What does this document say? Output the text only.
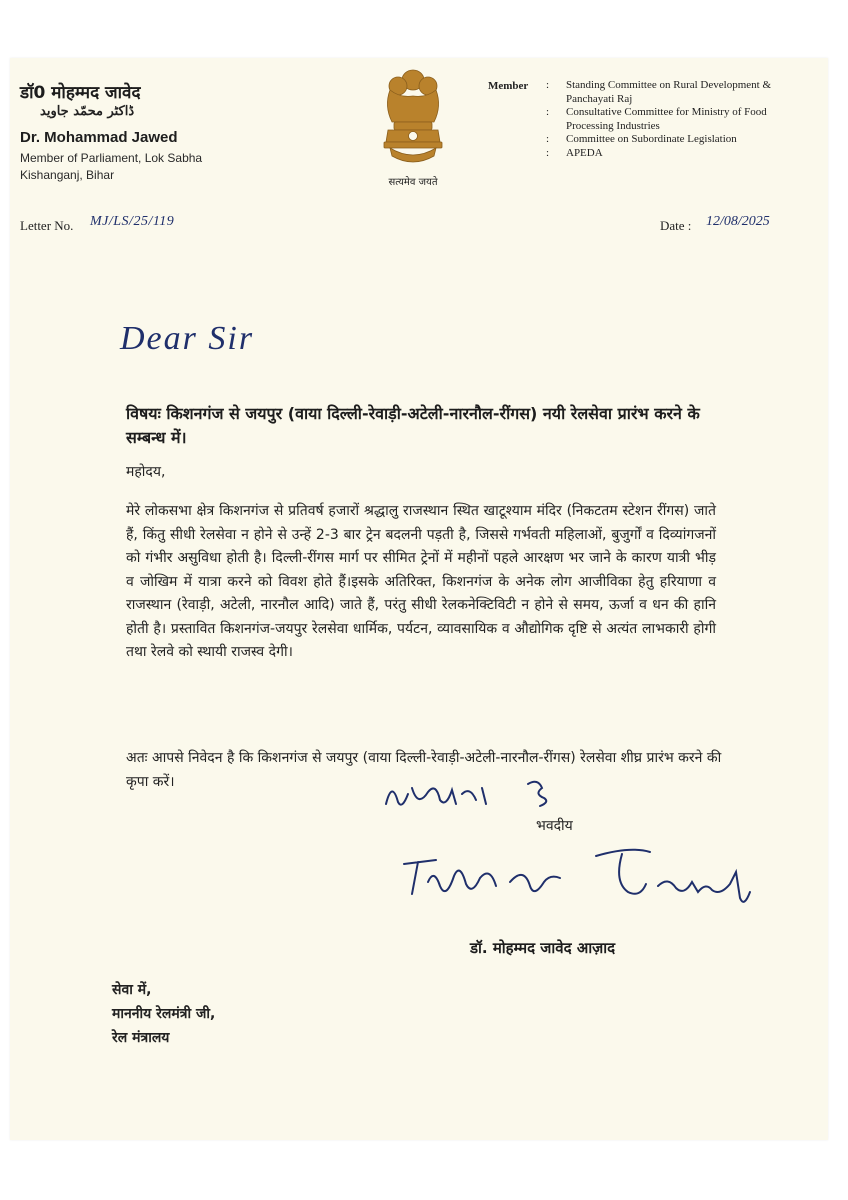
डॉ0 मोहम्मद जावेद
ڈاکٹر محمّد جاوید
Dr. Mohammad Jawed
Member of Parliament, Lok Sabha
Kishanganj, Bihar
सत्यमेव जयते
Member : Standing Committee on Rural Development & Panchayati Raj
: Consultative Committee for Ministry of Food Processing Industries
: Committee on Subordinate Legislation
: APEDA
Letter No. MJ/LS/25/119	Date : 12/08/2025
Dear Sir
विषयः किशनगंज से जयपुर (वाया दिल्ली-रेवाड़ी-अटेली-नारनौल-रींगस) नयी रेलसेवा प्रारंभ करने के सम्बन्ध में।
महोदय,
मेरे लोकसभा क्षेत्र किशनगंज से प्रतिवर्ष हजारों श्रद्धालु राजस्थान स्थित खाटूश्याम मंदिर (निकटतम स्टेशन रींगस) जाते हैं, किंतु सीधी रेलसेवा न होने से उन्हें 2-3 बार ट्रेन बदलनी पड़ती है, जिससे गर्भवती महिलाओं, बुजुर्गों व दिव्यांगजनों को गंभीर असुविधा होती है। दिल्ली-रींगस मार्ग पर सीमित ट्रेनों में महीनों पहले आरक्षण भर जाने के कारण यात्री भीड़ व जोखिम में यात्रा करने को विवश होते हैं।इसके अतिरिक्त, किशनगंज के अनेक लोग आजीविका हेतु हरियाणा व राजस्थान (रेवाड़ी, अटेली, नारनौल आदि) जाते हैं, परंतु सीधी रेलकनेक्टिविटी न होने से समय, ऊर्जा व धन की हानि होती है। प्रस्तावित किशनगंज-जयपुर रेलसेवा धार्मिक, पर्यटन, व्यावसायिक व औद्योगिक दृष्टि से अत्यंत लाभकारी होगी तथा रेलवे को स्थायी राजस्व देगी।
अतः आपसे निवेदन है कि किशनगंज से जयपुर (वाया दिल्ली-रेवाड़ी-अटेली-नारनौल-रींगस) रेलसेवा शीघ्र प्रारंभ करने की कृपा करें।
भवदीय
डॉ. मोहम्मद जावेद आज़ाद
सेवा में,
माननीय रेलमंत्री जी,
रेल मंत्रालय
